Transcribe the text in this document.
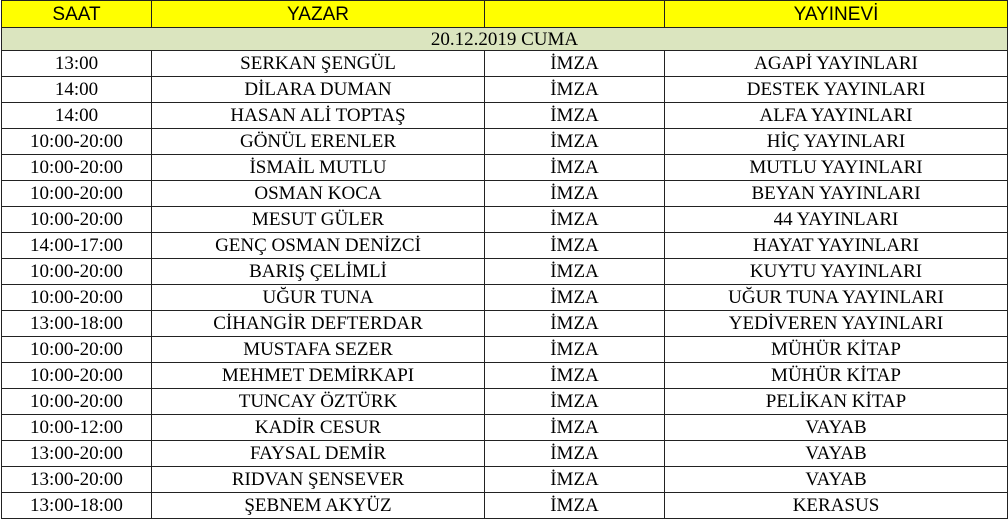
SAAT	YAZAR		YAYINEVİ
20.12.2019 CUMA			
13:00	SERKAN ŞENGÜL	İMZA	AGAPİ YAYINLARI
14:00	DİLARA DUMAN	İMZA	DESTEK YAYINLARI
14:00	HASAN ALİ TOPTAŞ	İMZA	ALFA YAYINLARI
10:00-20:00	GÖNÜL ERENLER	İMZA	HİÇ YAYINLARI
10:00-20:00	İSMAİL MUTLU	İMZA	MUTLU YAYINLARI
10:00-20:00	OSMAN KOCA	İMZA	BEYAN YAYINLARI
10:00-20:00	MESUT GÜLER	İMZA	44 YAYINLARI
14:00-17:00	GENÇ OSMAN DENİZCİ	İMZA	HAYAT YAYINLARI
10:00-20:00	BARIŞ ÇELİMLİ	İMZA	KUYTU YAYINLARI
10:00-20:00	UĞUR TUNA	İMZA	UĞUR TUNA YAYINLARI
13:00-18:00	CİHANGİR DEFTERDAR	İMZA	YEDİVEREN YAYINLARI
10:00-20:00	MUSTAFA SEZER	İMZA	MÜHÜR KİTAP
10:00-20:00	MEHMET DEMİRKAPI	İMZA	MÜHÜR KİTAP
10:00-20:00	TUNCAY ÖZTÜRK	İMZA	PELİKAN KİTAP
10:00-12:00	KADİR CESUR	İMZA	VAYAB
13:00-20:00	FAYSAL DEMİR	İMZA	VAYAB
13:00-20:00	RIDVAN ŞENSEVER	İMZA	VAYAB
13:00-18:00	ŞEBNEM AKYÜZ	İMZA	KERASUS
